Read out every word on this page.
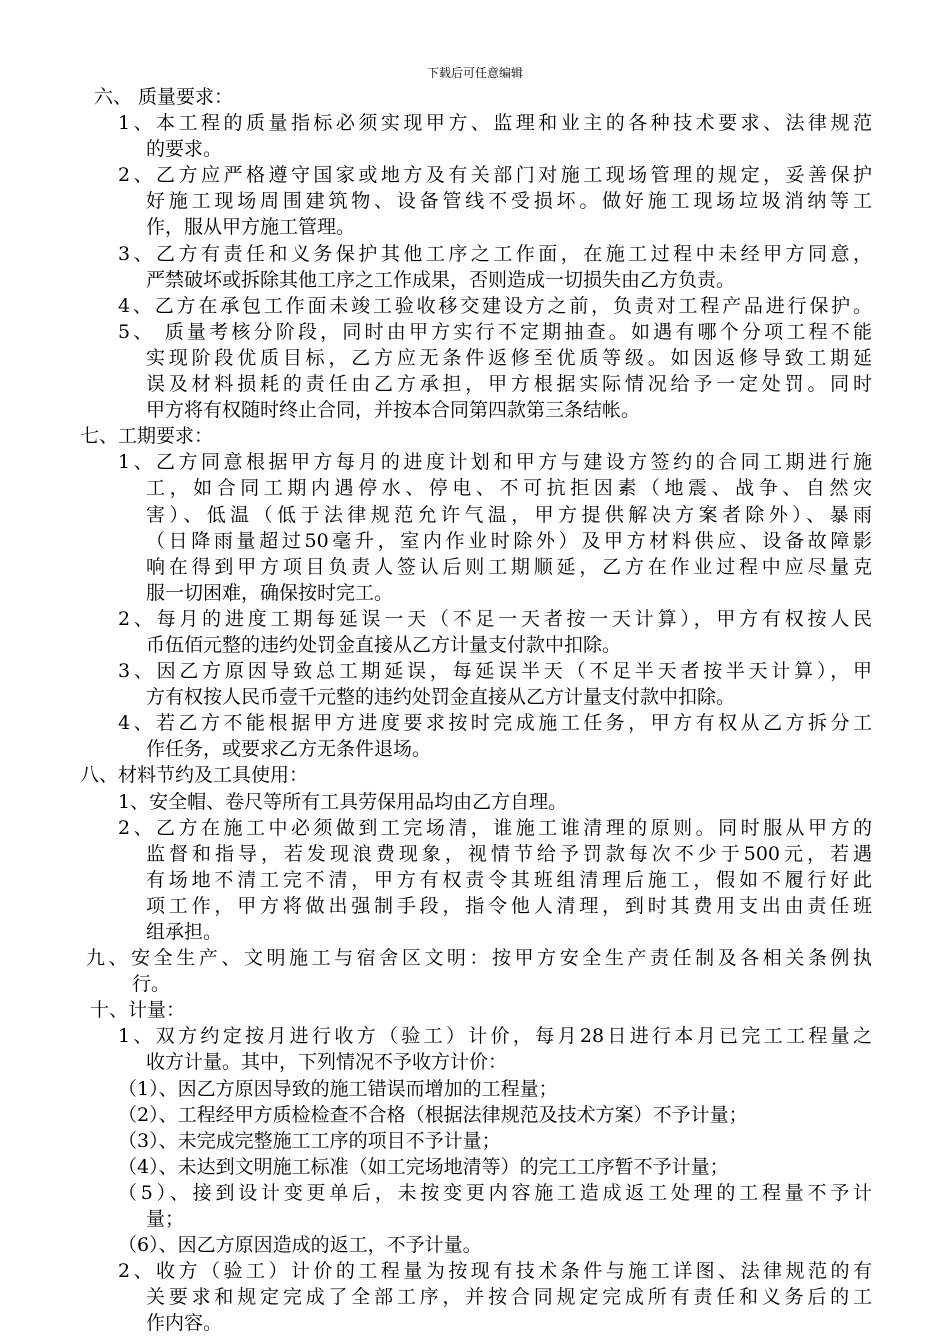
下载后可任意编辑
六、 质量要求：
1、本工程的质量指标必须实现甲方、监理和业主的各种技术要求、法律规范
的要求。
2、乙方应严格遵守国家或地方及有关部门对施工现场管理的规定，妥善保护
好施工现场周围建筑物、设备管线不受损坏。做好施工现场垃圾消纳等工
作，服从甲方施工管理。
3、乙方有责任和义务保护其他工序之工作面，在施工过程中未经甲方同意，
严禁破坏或拆除其他工序之工作成果，否则造成一切损失由乙方负责。
4、乙方在承包工作面未竣工验收移交建设方之前，负责对工程产品进行保护。
5、 质量考核分阶段，同时由甲方实行不定期抽查。如遇有哪个分项工程不能
实现阶段优质目标，乙方应无条件返修至优质等级。如因返修导致工期延
误及材料损耗的责任由乙方承担，甲方根据实际情况给予一定处罚。同时
甲方将有权随时终止合同，并按本合同第四款第三条结帐。
七、工期要求：
1、乙方同意根据甲方每月的进度计划和甲方与建设方签约的合同工期进行施
工，如合同工期内遇停水、停电、不可抗拒因素（地震、战争、自然灾
害）、低温（低于法律规范允许气温，甲方提供解决方案者除外）、暴雨
（日降雨量超过50毫升，室内作业时除外）及甲方材料供应、设备故障影
响在得到甲方项目负责人签认后则工期顺延，乙方在作业过程中应尽量克
服一切困难，确保按时完工。
2、每月的进度工期每延误一天（不足一天者按一天计算），甲方有权按人民
币伍佰元整的违约处罚金直接从乙方计量支付款中扣除。
3、因乙方原因导致总工期延误，每延误半天（不足半天者按半天计算），甲
方有权按人民币壹千元整的违约处罚金直接从乙方计量支付款中扣除。
4、若乙方不能根据甲方进度要求按时完成施工任务，甲方有权从乙方拆分工
作任务，或要求乙方无条件退场。
八、材料节约及工具使用：
1、安全帽、卷尺等所有工具劳保用品均由乙方自理。
2、乙方在施工中必须做到工完场清，谁施工谁清理的原则。同时服从甲方的
监督和指导，若发现浪费现象，视情节给予罚款每次不少于500元，若遇
有场地不清工完不清，甲方有权责令其班组清理后施工，假如不履行好此
项工作，甲方将做出强制手段，指令他人清理，到时其费用支出由责任班
组承担。
九、安全生产、文明施工与宿舍区文明：按甲方安全生产责任制及各相关条例执
行。
十、计量：
1、双方约定按月进行收方（验工）计价，每月28日进行本月已完工工程量之
收方计量。其中，下列情况不予收方计价：
（1）、因乙方原因导致的施工错误而增加的工程量；
（2）、工程经甲方质检检查不合格（根据法律规范及技术方案）不予计量；
（3）、未完成完整施工工序的项目不予计量；
（4）、未达到文明施工标准（如工完场地清等）的完工工序暂不予计量；
（5）、接到设计变更单后，未按变更内容施工造成返工处理的工程量不予计
量；
（6）、因乙方原因造成的返工，不予计量。
2、收方（验工）计价的工程量为按现有技术条件与施工详图、法律规范的有
关要求和规定完成了全部工序，并按合同规定完成所有责任和义务后的工
作内容。
